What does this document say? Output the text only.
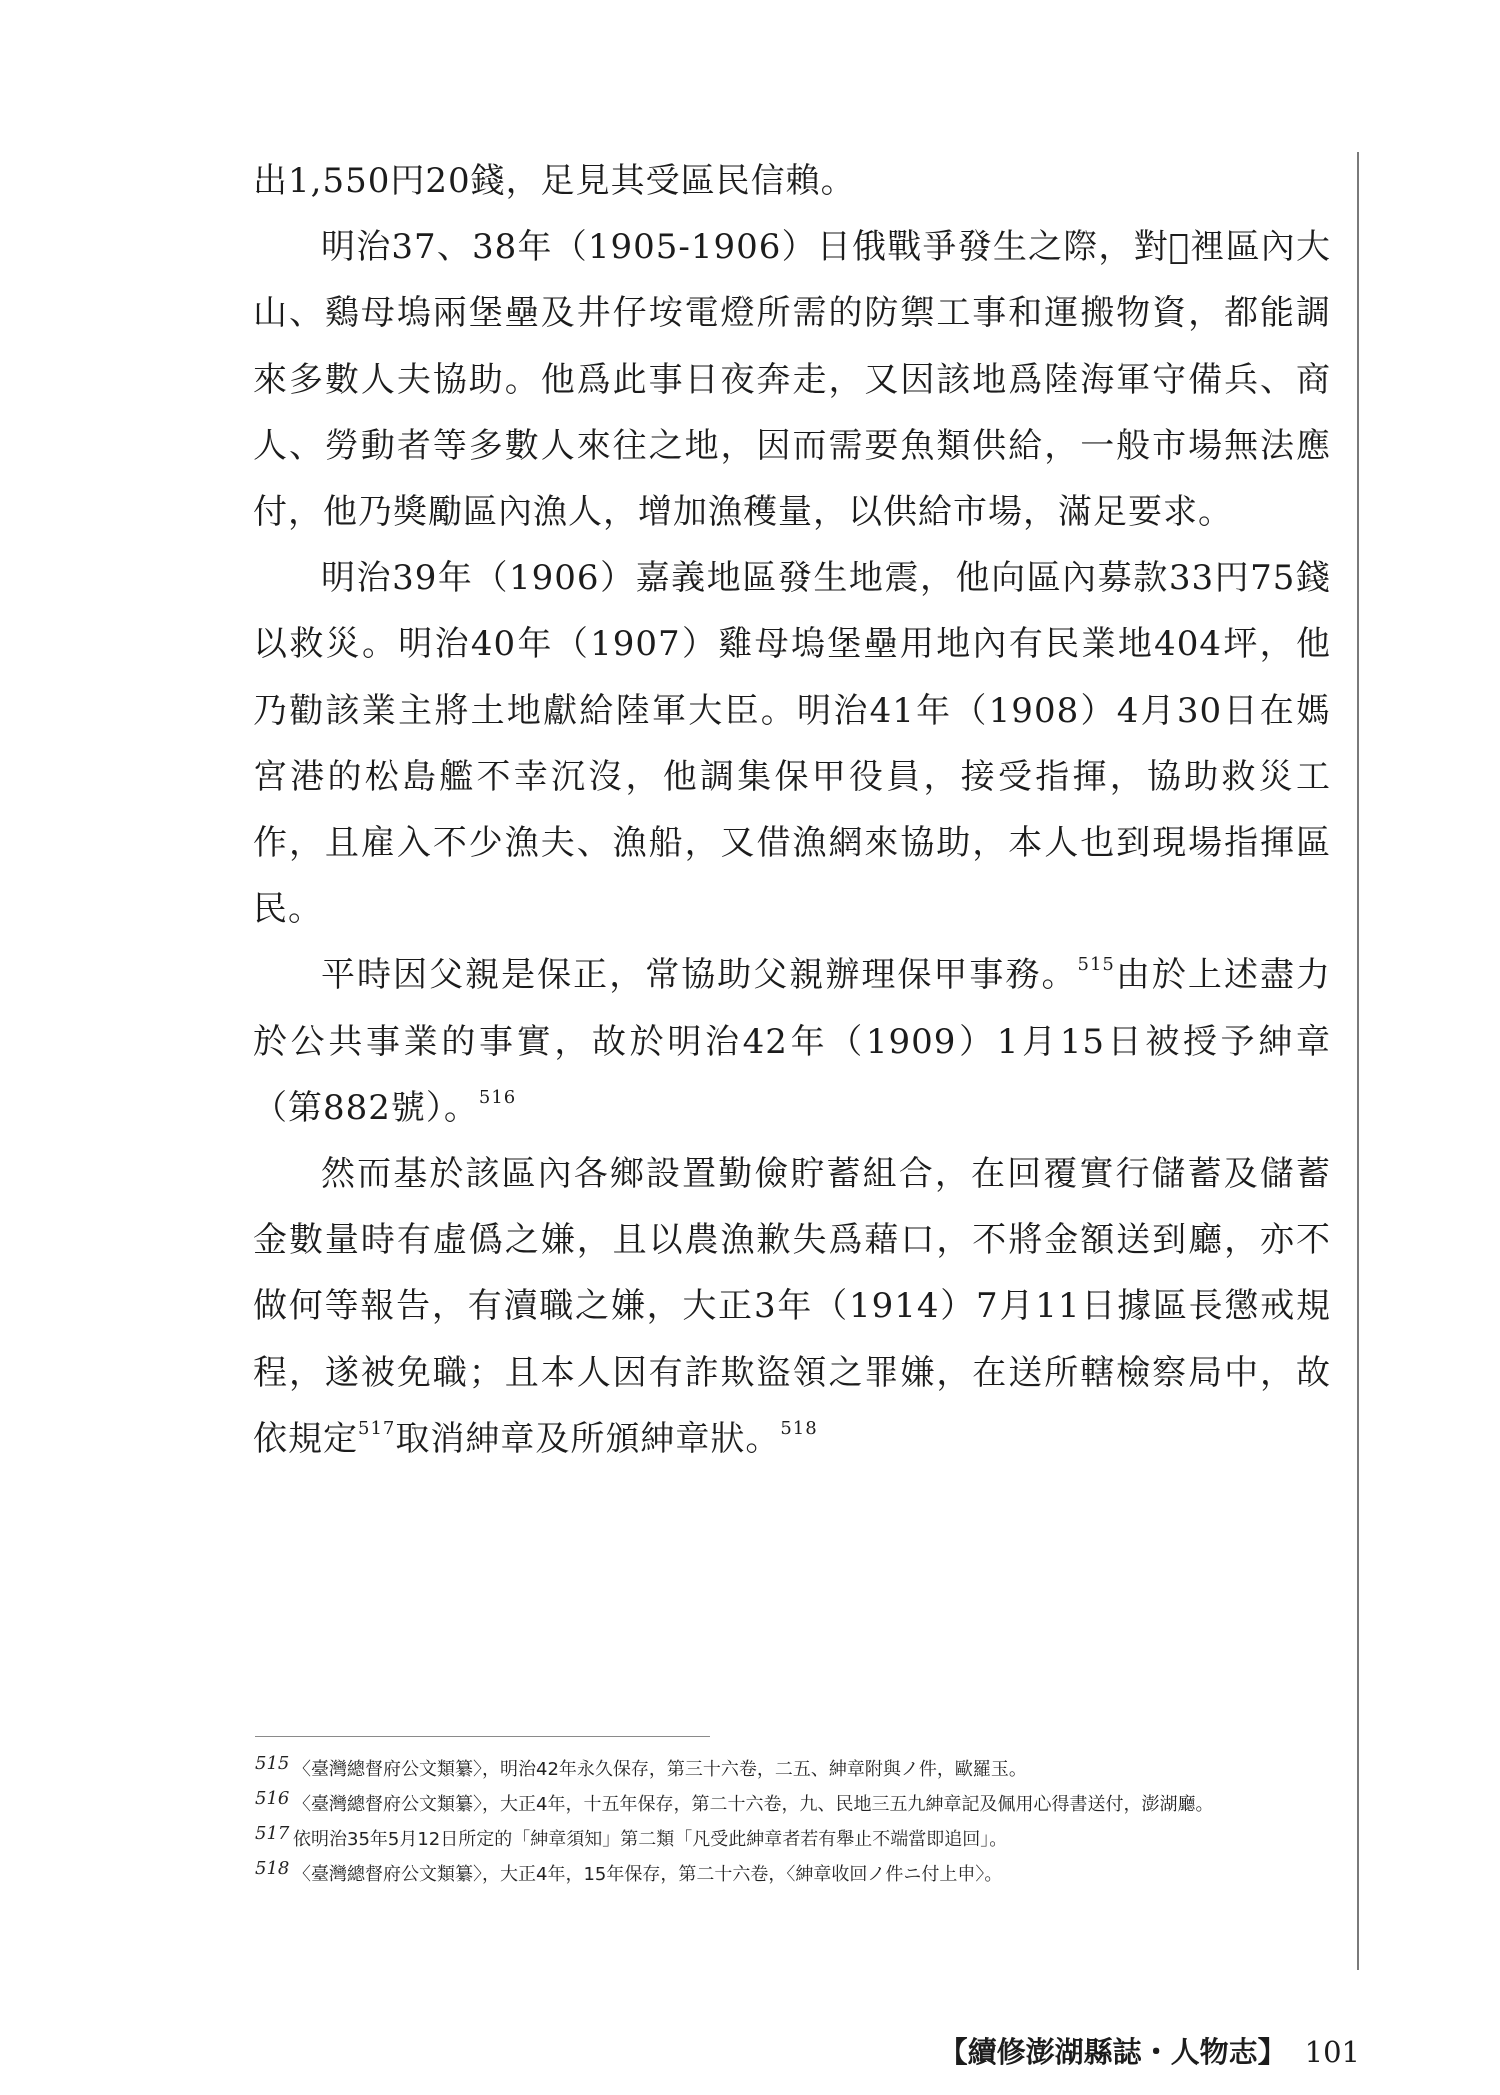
出1,550円20錢，足見其受區民信賴。

明治37、38年（1905-1906）日俄戰爭發生之際，對𡋡裡區內大山、鷄母塢兩堡壘及井仔垵電燈所需的防禦工事和運搬物資，都能調來多數人夫協助。他爲此事日夜奔走，又因該地爲陸海軍守備兵、商人、勞動者等多數人來往之地，因而需要魚類供給，一般市場無法應付，他乃獎勵區內漁人，增加漁穫量，以供給市場，滿足要求。

明治39年（1906）嘉義地區發生地震，他向區內募款33円75錢以救災。明治40年（1907）雞母塢堡壘用地內有民業地404坪，他乃勸該業主將土地獻給陸軍大臣。明治41年（1908）4月30日在媽宮港的松島艦不幸沉沒，他調集保甲役員，接受指揮，協助救災工作，且雇入不少漁夫、漁船，又借漁網來協助，本人也到現場指揮區民。

平時因父親是保正，常協助父親辦理保甲事務。$^{515}$由於上述盡力於公共事業的事實，故於明治42年（1909）1月15日被授予紳章（第882號）。$^{516}$

然而基於該區內各鄉設置勤儉貯蓄組合，在回覆實行儲蓄及儲蓄金數量時有虛僞之嫌，且以農漁歉失爲藉口，不將金額送到廳，亦不做何等報告，有瀆職之嫌，大正3年（1914）7月11日據區長懲戒規程，遂被免職；且本人因有詐欺盜領之罪嫌，在送所轄檢察局中，故依規定$^{517}$取消紳章及所頒紳章狀。$^{518}$

515 〈臺灣總督府公文類纂〉，明治42年永久保存，第三十六卷，二五、紳章附與ノ件，歐羅玉。
516 〈臺灣總督府公文類纂〉，大正4年，十五年保存，第二十六卷，九、民地三五九紳章記及佩用心得書送付，澎湖廳。
517 依明治35年5月12日所定的「紳章須知」第二類「凡受此紳章者若有舉止不端當即追回」。
518 〈臺灣總督府公文類纂〉，大正4年，15年保存，第二十六卷，〈紳章收回ノ件ニ付上申〉。
【續修澎湖縣誌・人物志】 101
